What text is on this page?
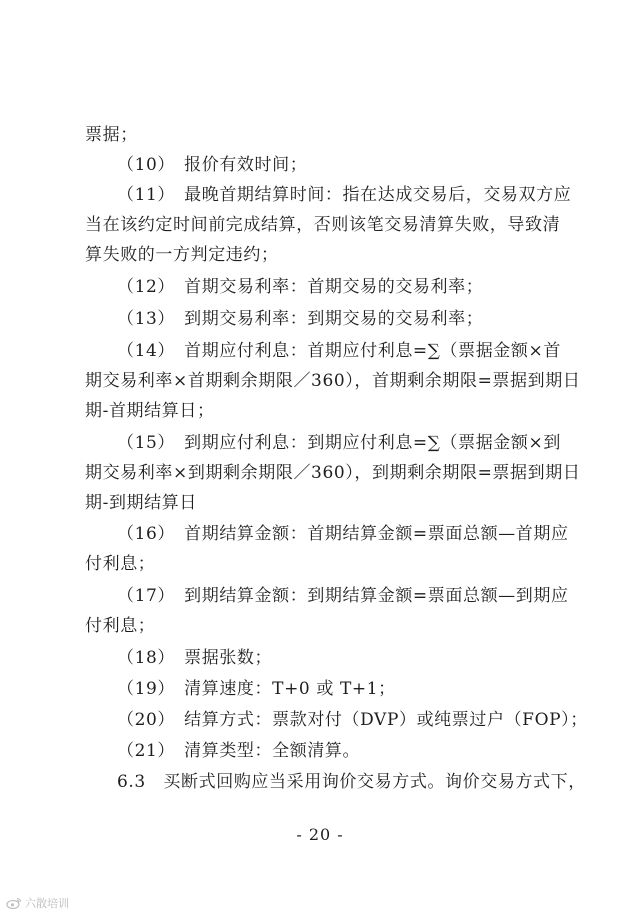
票据；
（10）　报价有效时间；
（11）　最晚首期结算时间：指在达成交易后，交易双方应
当在该约定时间前完成结算，否则该笔交易清算失败，导致清
算失败的一方判定违约；
（12）　首期交易利率：首期交易的交易利率；
（13）　到期交易利率：到期交易的交易利率；
（14）　首期应付利息：首期应付利息=∑（票据金额×首
期交易利率×首期剩余期限／360），首期剩余期限=票据到期日
期-首期结算日；
（15）　到期应付利息：到期应付利息=∑（票据金额×到
期交易利率×到期剩余期限／360），到期剩余期限=票据到期日
期-到期结算日
（16）　首期结算金额：首期结算金额=票面总额—首期应
付利息；
（17）　到期结算金额：到期结算金额=票面总额—到期应
付利息；
（18）　票据张数；
（19）　清算速度：T+0 或 T+1；
（20）　结算方式：票款对付（DVP）或纯票过户（FOP）；
（21）　清算类型：全额清算。
6.3　买断式回购应当采用询价交易方式。询价交易方式下，
- 20 -
六散培训
